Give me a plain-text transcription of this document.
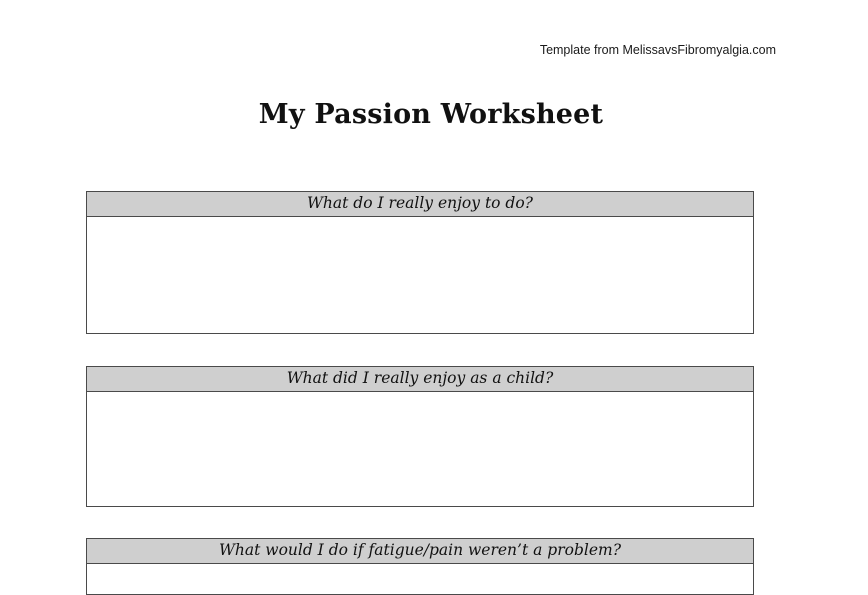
Template from MelissavsFibromyalgia.com
My Passion Worksheet
What do I really enjoy to do?
What did I really enjoy as a child?
What would I do if fatigue/pain weren’t a problem?
